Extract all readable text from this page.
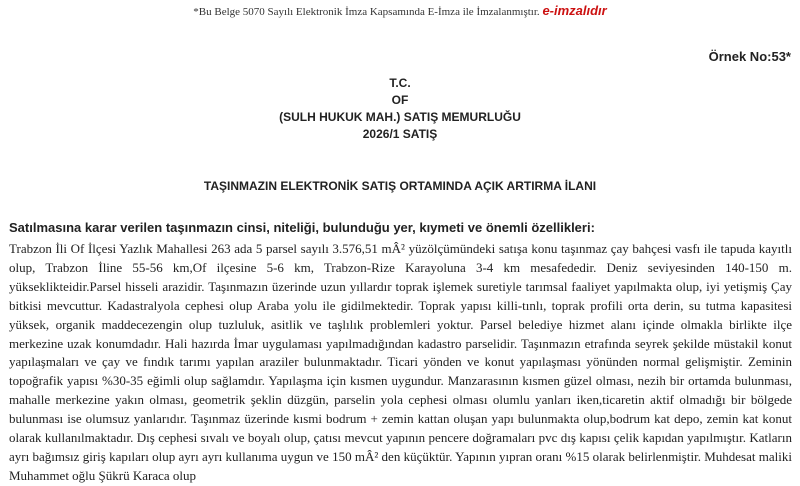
*Bu Belge 5070 Sayılı Elektronik İmza Kapsamında E-İmza ile İmzalanmıştır. e-imzalıdır
Örnek No:53*
T.C.
OF
(SULH HUKUK MAH.) SATIŞ MEMURLUĞU
2026/1 SATIŞ
TAŞINMAZIN ELEKTRONİK SATIŞ ORTAMINDA AÇIK ARTIRMA İLANI
Satılmasına karar verilen taşınmazın cinsi, niteliği, bulunduğu yer, kıymeti ve önemli özellikleri:

Trabzon İli Of İlçesi Yazlık Mahallesi 263 ada 5 parsel sayılı 3.576,51 mÂ² yüzölçümündeki satışa konu taşınmaz çay bahçesi vasfı ile tapuda kayıtlı olup, Trabzon İline 55-56 km,Of ilçesine 5-6 km, Trabzon-Rize Karayoluna 3-4 km mesafededir. Deniz seviyesinden 140-150 m. yükseklikteidir.Parsel hisseli arazidir. Taşınmazın üzerinde uzun yıllardır toprak işlemek suretiyle tarımsal faaliyet yapılmakta olup, iyi yetişmiş Çay bitkisi mevcuttur. Kadastralyola cephesi olup Araba yolu ile gidilmektedir. Toprak yapısı killi-tınlı, toprak profili orta derin, su tutma kapasitesi yüksek, organik maddecezengin olup tuzluluk, asitlik ve taşlılık problemleri yoktur. Parsel belediye hizmet alanı içinde olmakla birlikte ilçe merkezine uzak konumdadır. Hali hazırda İmar uygulaması yapılmadığından kadastro parselidir. Taşınmazın etrafında seyrek şekilde müstakil konut yapılaşmaları ve çay ve fındık tarımı yapılan araziler bulunmaktadır. Ticari yönden ve konut yapılaşması yönünden normal gelişmiştir. Zeminin topoğrafik yapısı %30-35 eğimli olup sağlamdır. Yapılaşma için kısmen uygundur. Manzarasının kısmen güzel olması, nezih bir ortamda bulunması, mahalle merkezine yakın olması, geometrik şeklin düzgün, parselin yola cephesi olması olumlu yanları iken,ticaretin aktif olmadığı bir bölgede bulunması ise olumsuz yanlarıdır. Taşınmaz üzerinde kısmi bodrum + zemin kattan oluşan yapı bulunmakta olup,bodrum kat depo, zemin kat konut olarak kullanılmaktadır. Dış cephesi sıvalı ve boyalı olup, çatısı mevcut yapının pencere doğramaları pvc dış kapısı çelik kapıdan yapılmıştır. Katların ayrı bağımsız giriş kapıları olup ayrı ayrı kullanıma uygun ve 150 mÂ² den küçüktür. Yapının yıpran oranı %15 olarak belirlenmiştir. Muhdesat maliki Muhammet oğlu Şükrü Karaca olup
